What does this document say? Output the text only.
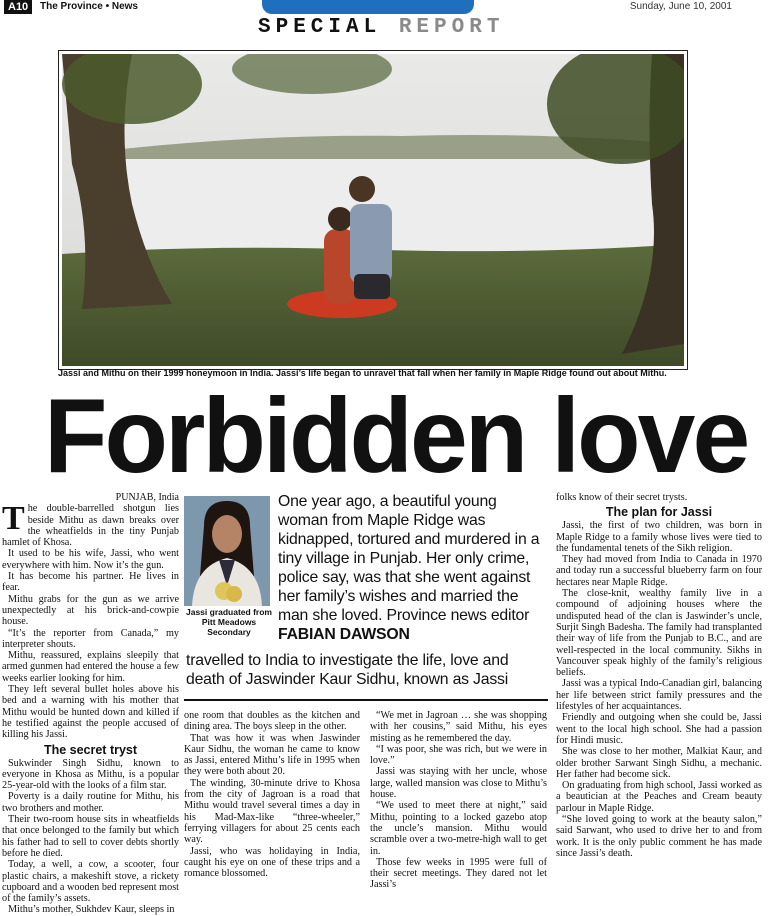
A10	The Province • News	Sunday, June 10, 2001
SPECIAL REPORT
Jassi and Mithu on their 1999 honeymoon in India. Jassi’s life began to unravel that fall when her family in Maple Ridge found out about Mithu.
Forbidden love
PUNJAB, India

The double-barrelled shotgun lies beside Mithu as dawn breaks over the wheatfields in the tiny Punjab hamlet of Khosa.

It used to be his wife, Jassi, who went everywhere with him. Now it’s the gun.

It has become his partner. He lives in fear.

Mithu grabs for the gun as we arrive unexpectedly at his brick-and-cowpie house.

“It’s the reporter from Canada,” my interpreter shouts.

Mithu, reassured, explains sleepily that armed gunmen had entered the house a few weeks earlier looking for him.

They left several bullet holes above his bed and a warning with his mother that Mithu would be hunted down and killed if he testified against the people accused of killing his Jassi.

The secret tryst

Sukwinder Singh Sidhu, known to everyone in Khosa as Mithu, is a popular 25-year-old with the looks of a film star.

Poverty is a daily routine for Mithu, his two brothers and mother.

Their two-room house sits in wheatfields that once belonged to the family but which his father had to sell to cover debts shortly before he died.

Today, a well, a cow, a scooter, four plastic chairs, a makeshift stove, a rickety cupboard and a wooden bed represent most of the family’s assets.

Mithu’s mother, Sukhdev Kaur, sleeps in

Jassi graduated from Pitt Meadows Secondary
One year ago, a beautiful young woman from Maple Ridge was kidnapped, tortured and murdered in a tiny village in Punjab. Her only crime, police say, was that she went against her family’s wishes and married the man she loved. Province news editor FABIAN DAWSON
travelled to India to investigate the life, love and death of Jaswinder Kaur Sidhu, known as Jassi

one room that doubles as the kitchen and dining area. The boys sleep in the other.

That was how it was when Jaswinder Kaur Sidhu, the woman he came to know as Jassi, entered Mithu’s life in 1995 when they were both about 20.

The winding, 30-minute drive to Khosa from the city of Jagroan is a road that Mithu would travel several times a day in his Mad-Max-like “three-wheeler,” ferrying villagers for about 25 cents each way.

Jassi, who was holidaying in India, caught his eye on one of these trips and a romance blossomed.

“We met in Jagroan … she was shopping with her cousins,” said Mithu, his eyes misting as he remembered the day.

“I was poor, she was rich, but we were in love.”

Jassi was staying with her uncle, whose large, walled mansion was close to Mithu’s house.

“We used to meet there at night,” said Mithu, pointing to a locked gazebo atop the uncle’s mansion. Mithu would scramble over a two-metre-high wall to get in.

Those few weeks in 1995 were full of their secret meetings. They dared not let Jassi’s

folks know of their secret trysts.

The plan for Jassi

Jassi, the first of two children, was born in Maple Ridge to a family whose lives were tied to the fundamental tenets of the Sikh religion.

They had moved from India to Canada in 1970 and today run a successful blueberry farm on four hectares near Maple Ridge.

The close-knit, wealthy family live in a compound of adjoining houses where the undisputed head of the clan is Jaswinder’s uncle, Surjit Singh Badesha. The family had transplanted their way of life from the Punjab to B.C., and are well-respected in the local community. Sikhs in Vancouver speak highly of the family’s religious beliefs.

Jassi was a typical Indo-Canadian girl, balancing her life between strict family pressures and the lifestyles of her acquaintances.

Friendly and outgoing when she could be, Jassi went to the local high school. She had a passion for Hindi music.

She was close to her mother, Malkiat Kaur, and older brother Sarwant Singh Sidhu, a mechanic. Her father had become sick.

On graduating from high school, Jassi worked as a beautician at the Peaches and Cream beauty parlour in Maple Ridge.

“She loved going to work at the beauty salon,” said Sarwant, who used to drive her to and from work. It is the only public comment he has made since Jassi’s death.
